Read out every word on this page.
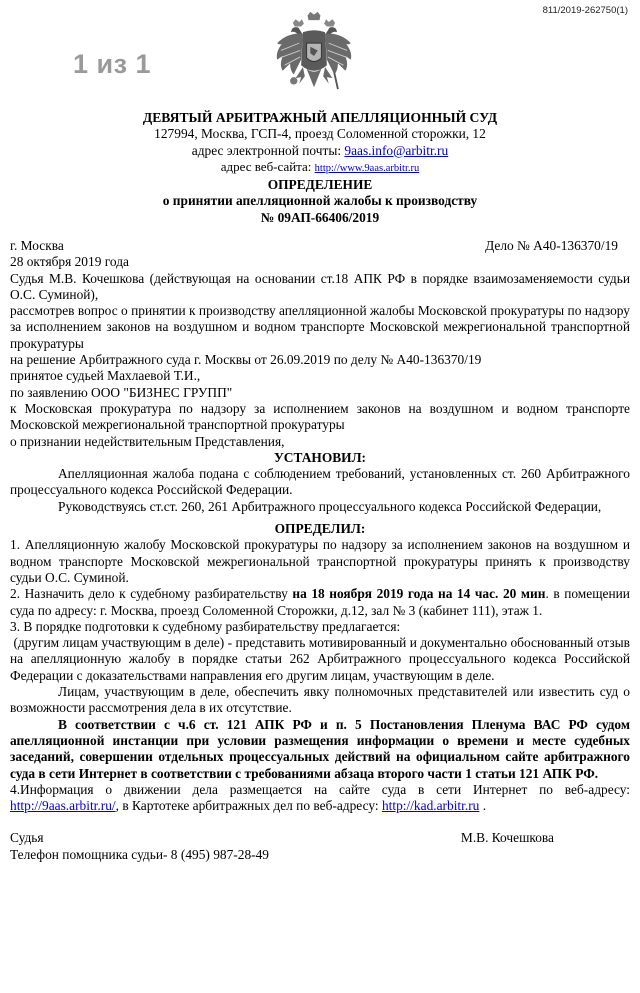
811/2019-262750(1)
1 из 1
ДЕВЯТЫЙ АРБИТРАЖНЫЙ АПЕЛЛЯЦИОННЫЙ СУД
127994, Москва, ГСП-4, проезд Соломенной сторожки, 12
адрес электронной почты: 9aas.info@arbitr.ru
адрес веб-сайта: http://www.9aas.arbitr.ru
ОПРЕДЕЛЕНИЕ
о принятии апелляционной жалобы к производству
№ 09АП-66406/2019
г. Москва	Дело № А40-136370/19
28 октября 2019 года

Судья М.В. Кочешкова (действующая на основании ст.18 АПК РФ в порядке взаимозаменяемости судьи О.С. Суминой),

рассмотрев вопрос о принятии к производству апелляционной жалобы Московской прокуратуры по надзору за исполнением законов на воздушном и водном транспорте Московской межрегиональной транспортной прокуратуры

на решение Арбитражного суда г. Москвы от 26.09.2019 по делу № А40-136370/19

принятое судьей Махлаевой Т.И.,

по заявлению ООО "БИЗНЕС ГРУПП"

к Московская прокуратура по надзору за исполнением законов на воздушном и водном транспорте Московской межрегиональной транспортной прокуратуры

о признании недействительным Представления,

УСТАНОВИЛ:

Апелляционная жалоба подана с соблюдением требований, установленных ст. 260 Арбитражного процессуального кодекса Российской Федерации.

Руководствуясь ст.ст. 260, 261 Арбитражного процессуального кодекса Российской Федерации,

ОПРЕДЕЛИЛ:

1. Апелляционную жалобу Московской прокуратуры по надзору за исполнением законов на воздушном и водном транспорте Московской межрегиональной транспортной прокуратуры принять к производству судьи О.С. Суминой.

2. Назначить дело к судебному разбирательству на 18 ноября 2019 года на 14 час. 20 мин. в помещении суда по адресу: г. Москва, проезд Соломенной Сторожки, д.12, зал № 3 (кабинет 111), этаж 1.

3. В порядке подготовки к судебному разбирательству предлагается:

(другим лицам участвующим в деле) - представить мотивированный и документально обоснованный отзыв на апелляционную жалобу в порядке статьи 262 Арбитражного процессуального кодекса Российской Федерации с доказательствами направления его другим лицам, участвующим в деле.

Лицам, участвующим в деле, обеспечить явку полномочных представителей или известить суд о возможности рассмотрения дела в их отсутствие.

В соответствии с ч.6 ст. 121 АПК РФ и п. 5 Постановления Пленума ВАС РФ судом апелляционной инстанции при условии размещения информации о времени и месте судебных заседаний, совершении отдельных процессуальных действий на официальном сайте арбитражного суда в сети Интернет в соответствии с требованиями абзаца второго части 1 статьи 121 АПК РФ.

4.Информация о движении дела размещается на сайте суда в сети Интернет по веб-адресу: http://9aas.arbitr.ru/, в Картотеке арбитражных дел по веб-адресу: http://kad.arbitr.ru .

Судья	М.В. Кочешкова
Телефон помощника судьи- 8 (495) 987-28-49
